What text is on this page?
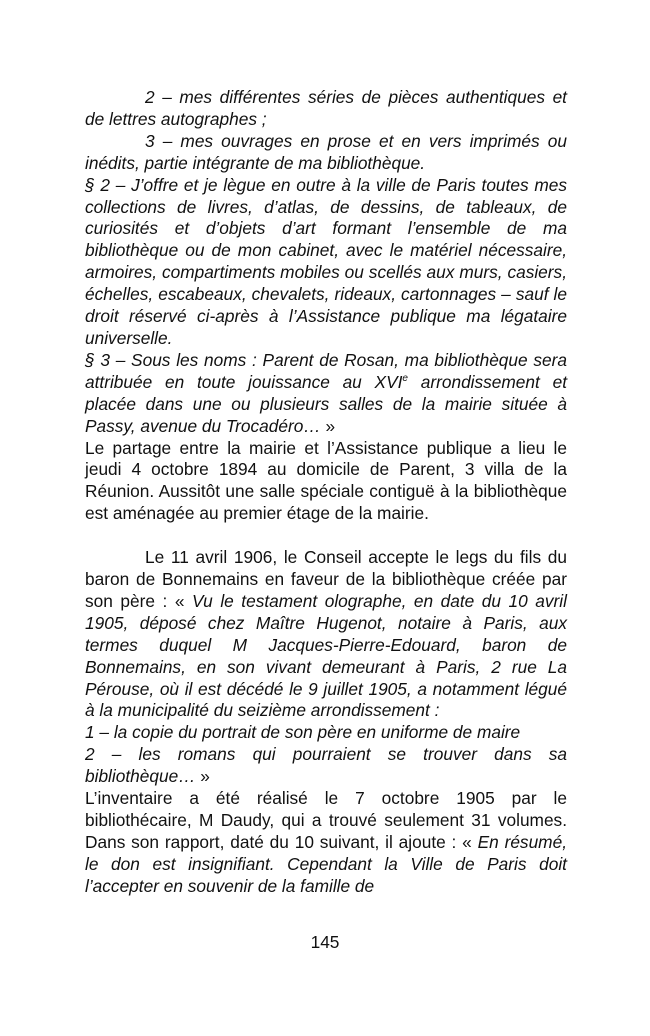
2 – mes différentes séries de pièces authentiques et de lettres autographes ;

3 – mes ouvrages en prose et en vers imprimés ou inédits, partie intégrante de ma bibliothèque.

§ 2 – J’offre et je lègue en outre à la ville de Paris toutes mes collections de livres, d’atlas, de dessins, de tableaux, de curiosités et d’objets d’art formant l’ensemble de ma bibliothèque ou de mon cabinet, avec le matériel nécessaire, armoires, compartiments mobiles ou scellés aux murs, casiers, échelles, escabeaux, chevalets, rideaux, cartonnages – sauf le droit réservé ci-après à l’Assistance publique ma légataire universelle.

§ 3 – Sous les noms : Parent de Rosan, ma bibliothèque sera attribuée en toute jouissance au XVIe arrondissement et placée dans une ou plusieurs salles de la mairie située à Passy, avenue du Trocadéro… »

Le partage entre la mairie et l’Assistance publique a lieu le jeudi 4 octobre 1894 au domicile de Parent, 3 villa de la Réunion. Aussitôt une salle spéciale contiguë à la bibliothèque est aménagée au premier étage de la mairie.

Le 11 avril 1906, le Conseil accepte le legs du fils du baron de Bonnemains en faveur de la bibliothèque créée par son père : « Vu le testament olographe, en date du 10 avril 1905, déposé chez Maître Hugenot, notaire à Paris, aux termes duquel M Jacques-Pierre-Edouard, baron de Bonnemains, en son vivant demeurant à Paris, 2 rue La Pérouse, où il est décédé le 9 juillet 1905, a notamment légué à la municipalité du seizième arrondissement :

1 – la copie du portrait de son père en uniforme de maire

2 – les romans qui pourraient se trouver dans sa bibliothèque… »

L’inventaire a été réalisé le 7 octobre 1905 par le bibliothécaire, M Daudy, qui a trouvé seulement 31 volumes. Dans son rapport, daté du 10 suivant, il ajoute : « En résumé, le don est insignifiant. Cependant la Ville de Paris doit l’accepter en souvenir de la famille de

145
